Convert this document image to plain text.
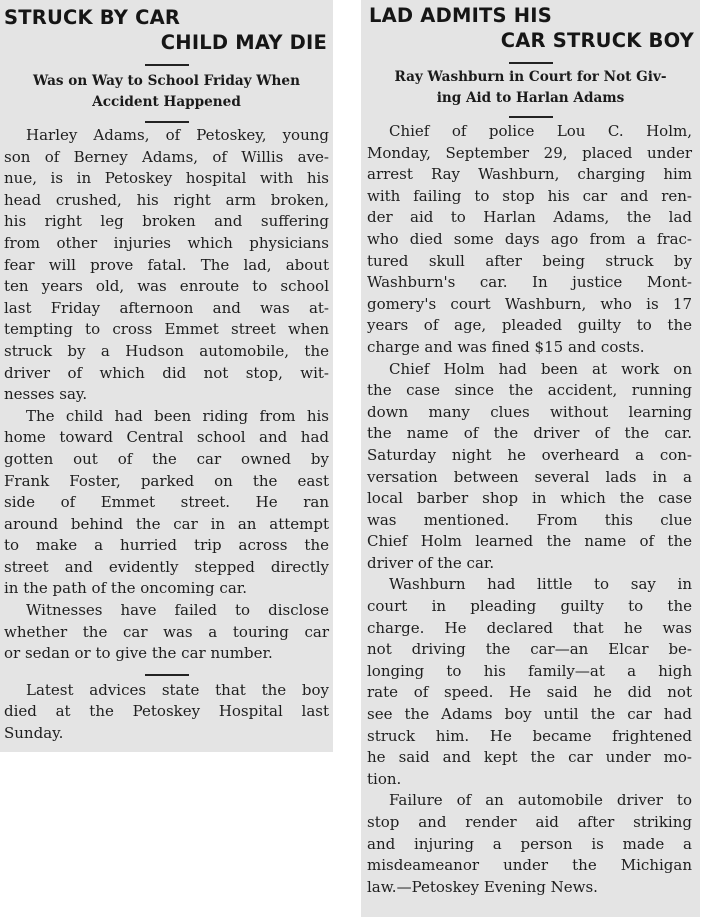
STRUCK BY CAR

CHILD MAY DIE

Was on Way to School Friday When

Accident Happened

Harley Adams, of Petoskey, young
son of Berney Adams, of Willis ave-
nue, is in Petoskey hospital with his
head crushed, his right arm broken,
his right leg broken and suffering
from other injuries which physicians
fear will prove fatal. The lad, about
ten years old, was enroute to school
last Friday afternoon and was at-
tempting to cross Emmet street when
struck by a Hudson automobile, the
driver of which did not stop, wit-
nesses say.
The child had been riding from his
home toward Central school and had
gotten out of the car owned by
Frank Foster, parked on the east
side of Emmet street. He ran
around behind the car in an attempt
to make a hurried trip across the
street and evidently stepped directly
in the path of the oncoming car.
Witnesses have failed to disclose
whether the car was a touring car
or sedan or to give the car number.
Latest advices state that the boy
died at the Petoskey Hospital last
Sunday.

LAD ADMITS HIS

CAR STRUCK BOY

Ray Washburn in Court for Not Giv-

ing Aid to Harlan Adams

Chief of police Lou C. Holm,
Monday, September 29, placed under
arrest Ray Washburn, charging him
with failing to stop his car and ren-
der aid to Harlan Adams, the lad
who died some days ago from a frac-
tured skull after being struck by
Washburn's car. In justice Mont-
gomery's court Washburn, who is 17
years of age, pleaded guilty to the
charge and was fined $15 and costs.
Chief Holm had been at work on
the case since the accident, running
down many clues without learning
the name of the driver of the car.
Saturday night he overheard a con-
versation between several lads in a
local barber shop in which the case
was mentioned. From this clue
Chief Holm learned the name of the
driver of the car.
Washburn had little to say in
court in pleading guilty to the
charge. He declared that he was
not driving the car—an Elcar be-
longing to his family—at a high
rate of speed. He said he did not
see the Adams boy until the car had
struck him. He became frightened
he said and kept the car under mo-
tion.
Failure of an automobile driver to
stop and render aid after striking
and injuring a person is made a
misdeameanor under the Michigan
law.—Petoskey Evening News.
